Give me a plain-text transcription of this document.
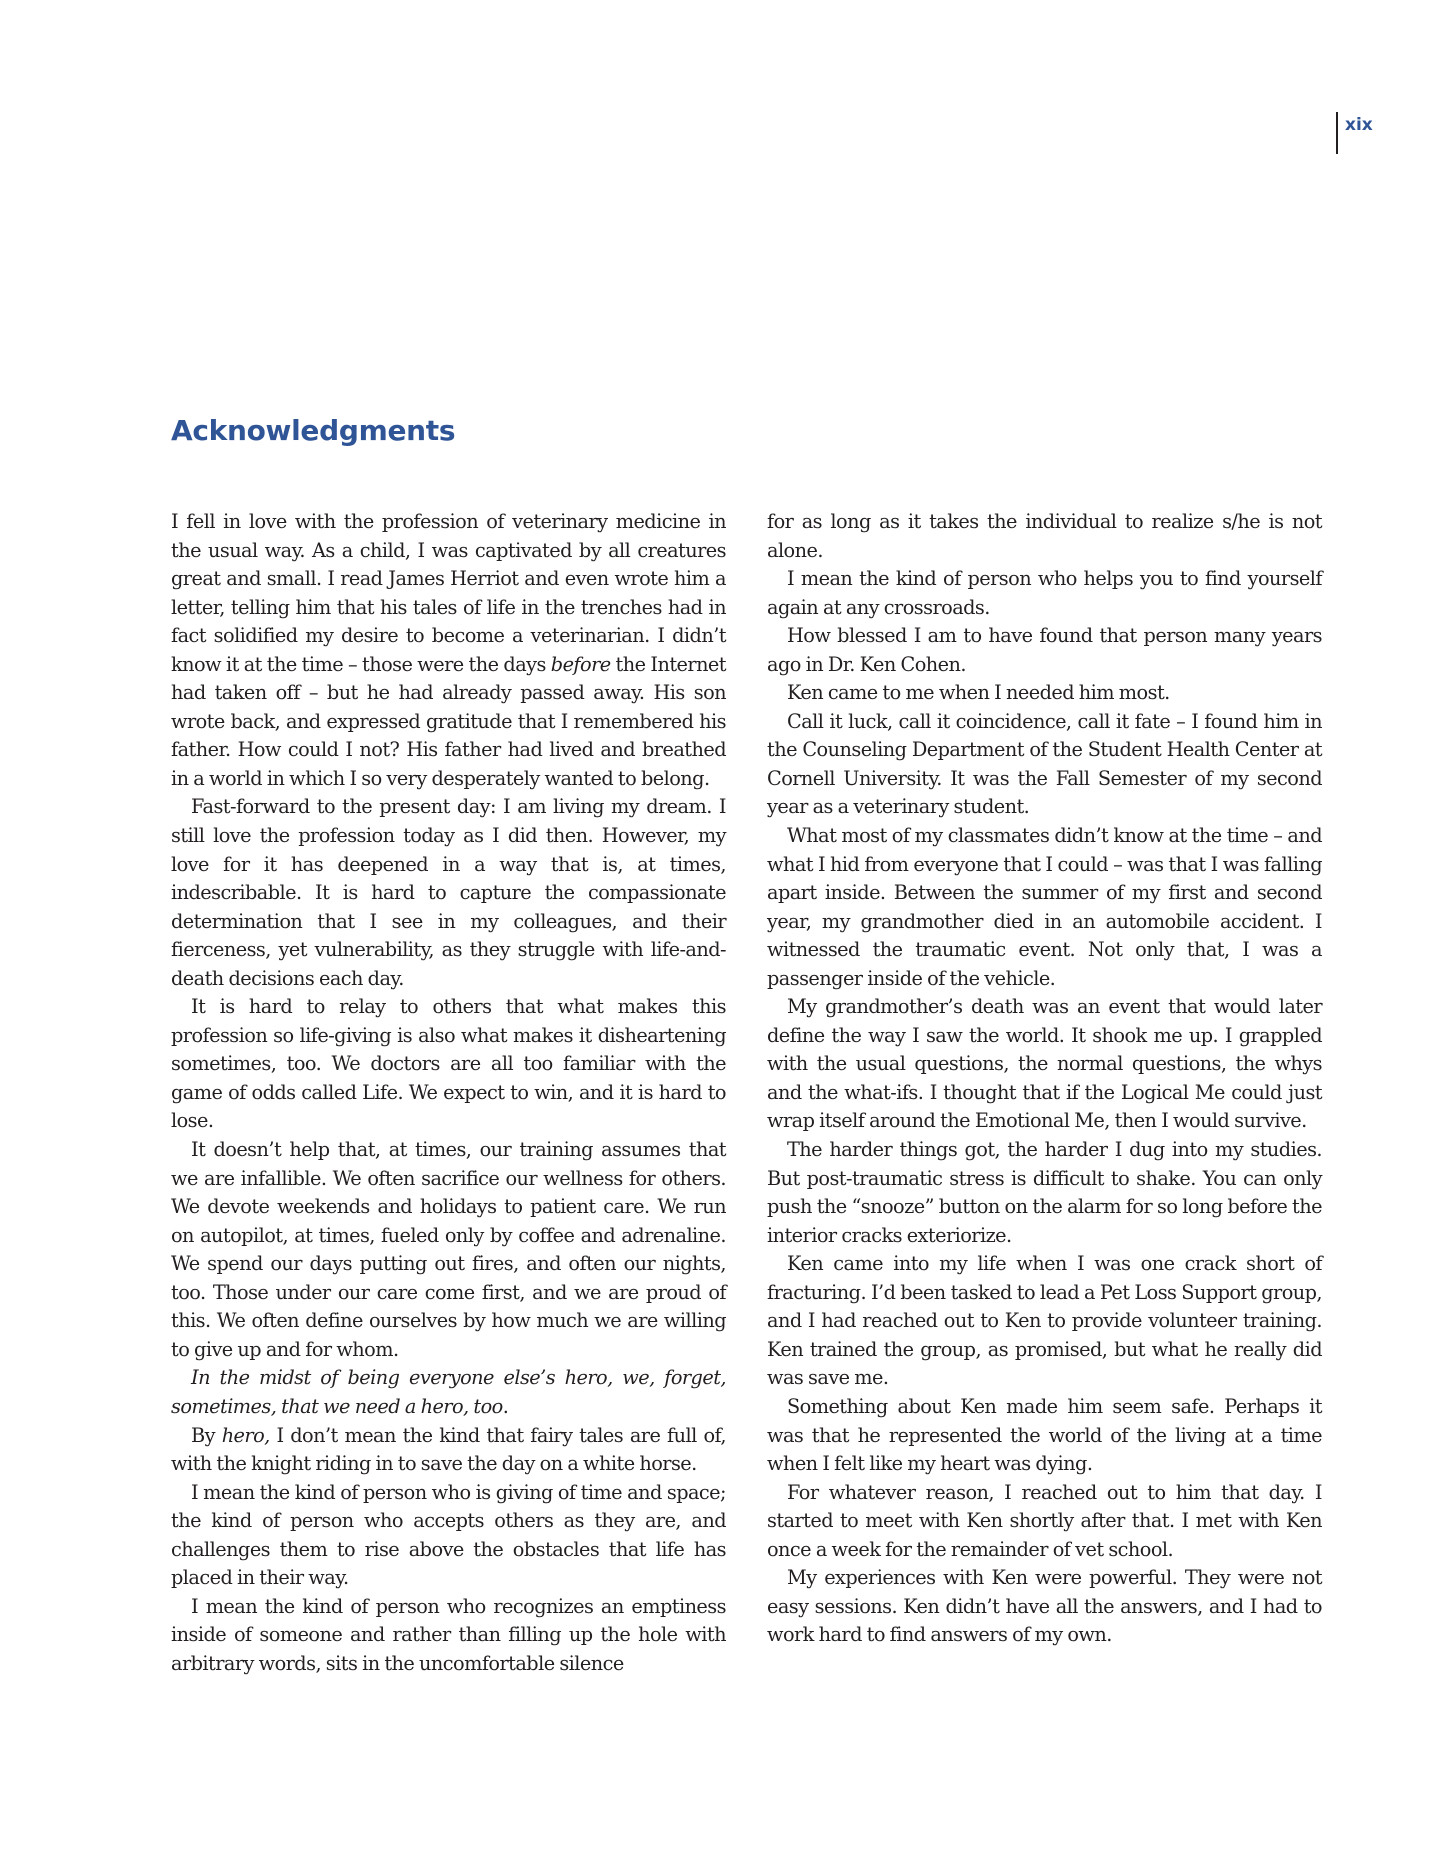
xix
Acknowledgments

I fell in love with the profession of veterinary medicine in the usual way. As a child, I was captivated by all creatures great and small. I read James Herriot and even wrote him a letter, telling him that his tales of life in the trenches had in fact solidified my desire to become a veterinarian. I didn’t know it at the time – those were the days before the Internet had taken off – but he had already passed away. His son wrote back, and expressed gratitude that I remembered his father. How could I not? His father had lived and breathed in a world in which I so very desperately wanted to belong.

Fast-forward to the present day: I am living my dream. I still love the profession today as I did then. However, my love for it has deepened in a way that is, at times, indescribable. It is hard to capture the compassionate determination that I see in my colleagues, and their fierceness, yet vulnerability, as they struggle with life-and-death decisions each day.

It is hard to relay to others that what makes this profession so life-giving is also what makes it disheartening sometimes, too. We doctors are all too familiar with the game of odds called Life. We expect to win, and it is hard to lose.

It doesn’t help that, at times, our training assumes that we are infallible. We often sacrifice our wellness for others. We devote weekends and holidays to patient care. We run on autopilot, at times, fueled only by coffee and adrenaline. We spend our days putting out fires, and often our nights, too. Those under our care come first, and we are proud of this. We often define ourselves by how much we are willing to give up and for whom.

In the midst of being everyone else’s hero, we, forget, sometimes, that we need a hero, too.

By hero, I don’t mean the kind that fairy tales are full of, with the knight riding in to save the day on a white horse.

I mean the kind of person who is giving of time and space; the kind of person who accepts others as they are, and challenges them to rise above the obstacles that life has placed in their way.

I mean the kind of person who recognizes an emptiness inside of someone and rather than filling up the hole with arbitrary words, sits in the uncomfortable silence

for as long as it takes the individual to realize s/he is not alone.

I mean the kind of person who helps you to find yourself again at any crossroads.

How blessed I am to have found that person many years ago in Dr. Ken Cohen.

Ken came to me when I needed him most.

Call it luck, call it coincidence, call it fate – I found him in the Counseling Department of the Student Health Center at Cornell University. It was the Fall Semester of my second year as a veterinary student.

What most of my classmates didn’t know at the time – and what I hid from everyone that I could – was that I was falling apart inside. Between the summer of my first and second year, my grandmother died in an automobile accident. I witnessed the traumatic event. Not only that, I was a passenger inside of the vehicle.

My grandmother’s death was an event that would later define the way I saw the world. It shook me up. I grappled with the usual questions, the normal questions, the whys and the what-ifs. I thought that if the Logical Me could just wrap itself around the Emotional Me, then I would survive.

The harder things got, the harder I dug into my studies. But post-traumatic stress is difficult to shake. You can only push the “snooze” button on the alarm for so long before the interior cracks exteriorize.

Ken came into my life when I was one crack short of fracturing. I’d been tasked to lead a Pet Loss Support group, and I had reached out to Ken to provide volunteer training. Ken trained the group, as promised, but what he really did was save me.

Something about Ken made him seem safe. Perhaps it was that he represented the world of the living at a time when I felt like my heart was dying.

For whatever reason, I reached out to him that day. I started to meet with Ken shortly after that. I met with Ken once a week for the remainder of vet school.

My experiences with Ken were powerful. They were not easy sessions. Ken didn’t have all the answers, and I had to work hard to find answers of my own.
